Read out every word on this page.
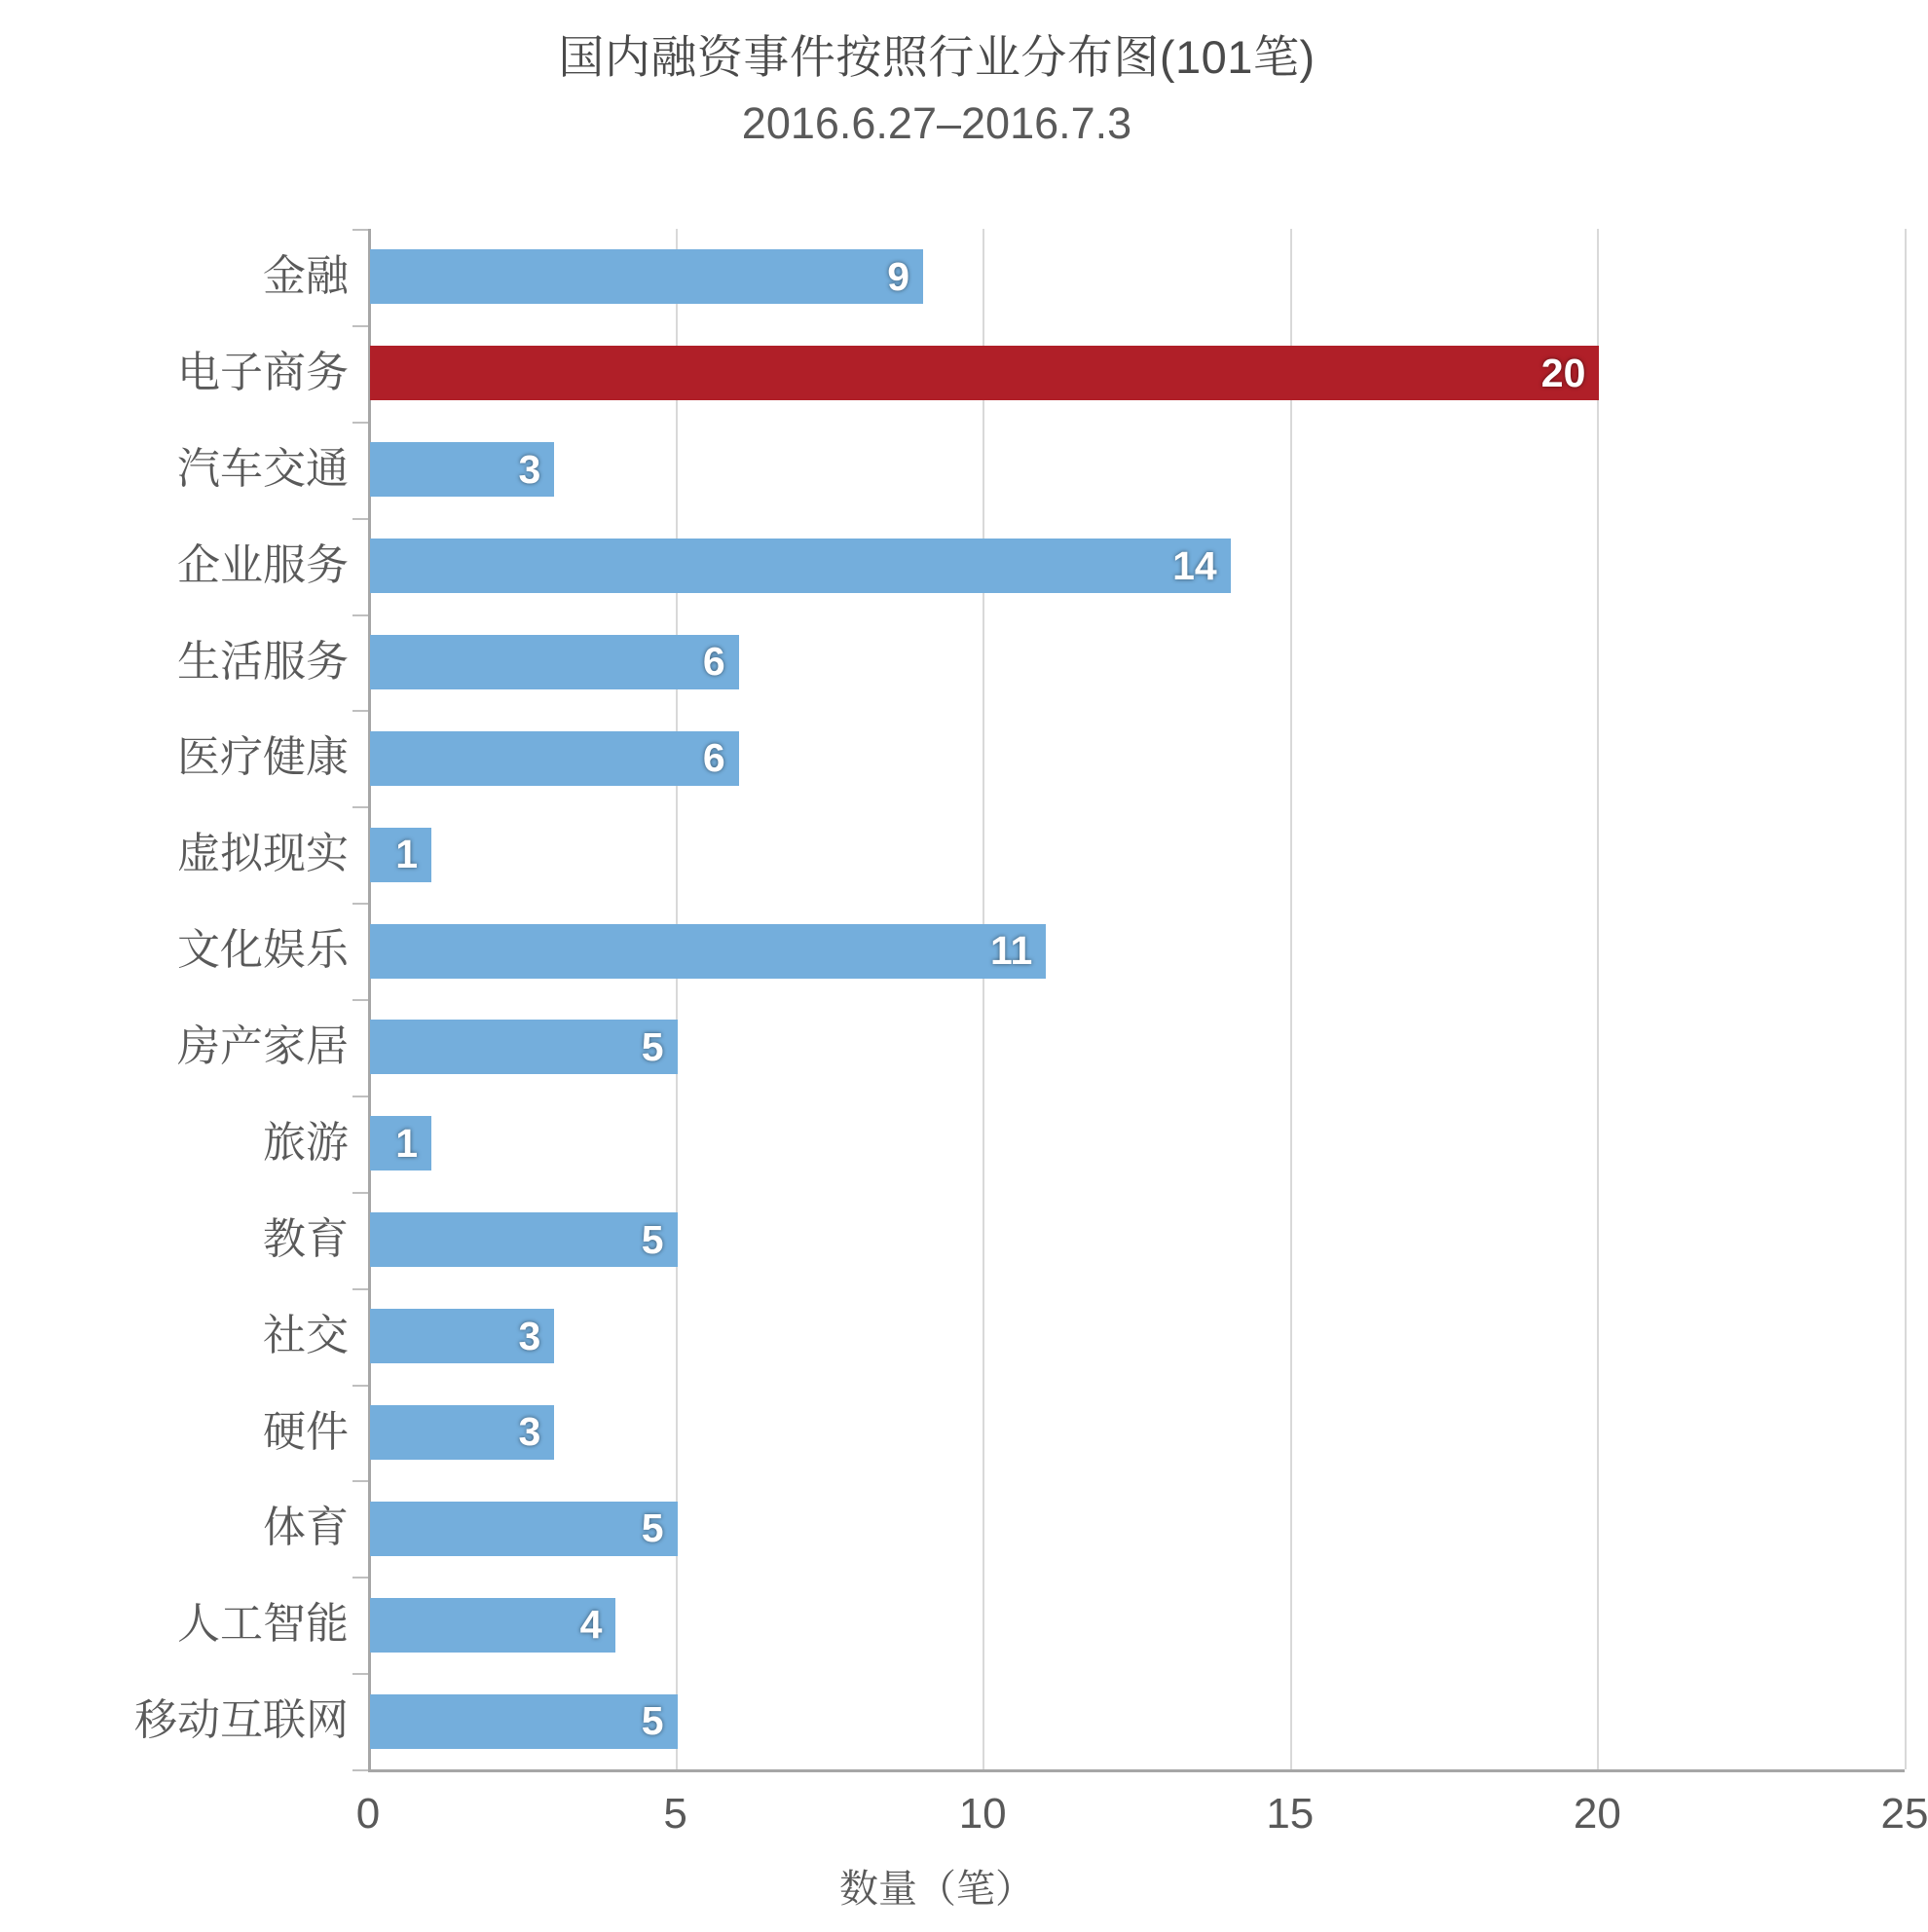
国内融资事件按照行业分布图(101笔)
2016.6.27–2016.7.3
金融	9
电子商务	20
汽车交通	3
企业服务	14
生活服务	6
医疗健康	6
虚拟现实 1
文化娱乐	11
房产家居	5
旅游 1
教育	5
社交	3
硬件	3
体育	5
人工智能	4
移动互联网	5
0	5	10	15	20	25
数量（笔）
